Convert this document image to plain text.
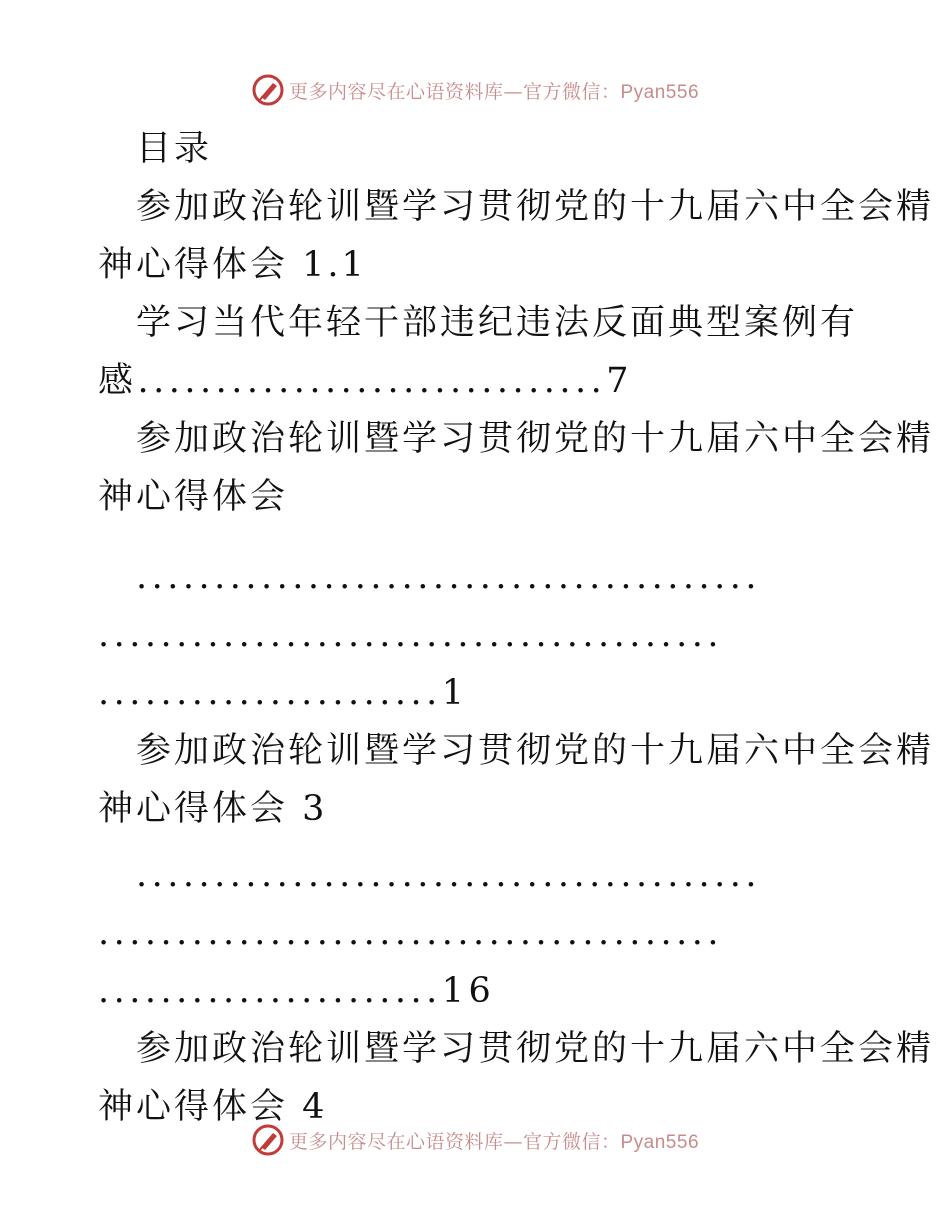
更多内容尽在心语资料库—官方微信：Pyan556
目录
参加政治轮训暨学习贯彻党的十九届六中全会精
神心得体会 1.1
学习当代年轻干部违纪违法反面典型案例有
感..............................7
参加政治轮训暨学习贯彻党的十九届六中全会精
神心得体会
........................................
........................................
......................1
参加政治轮训暨学习贯彻党的十九届六中全会精
神心得体会 3
........................................
........................................
......................16
参加政治轮训暨学习贯彻党的十九届六中全会精
神心得体会 4
更多内容尽在心语资料库—官方微信：Pyan556
